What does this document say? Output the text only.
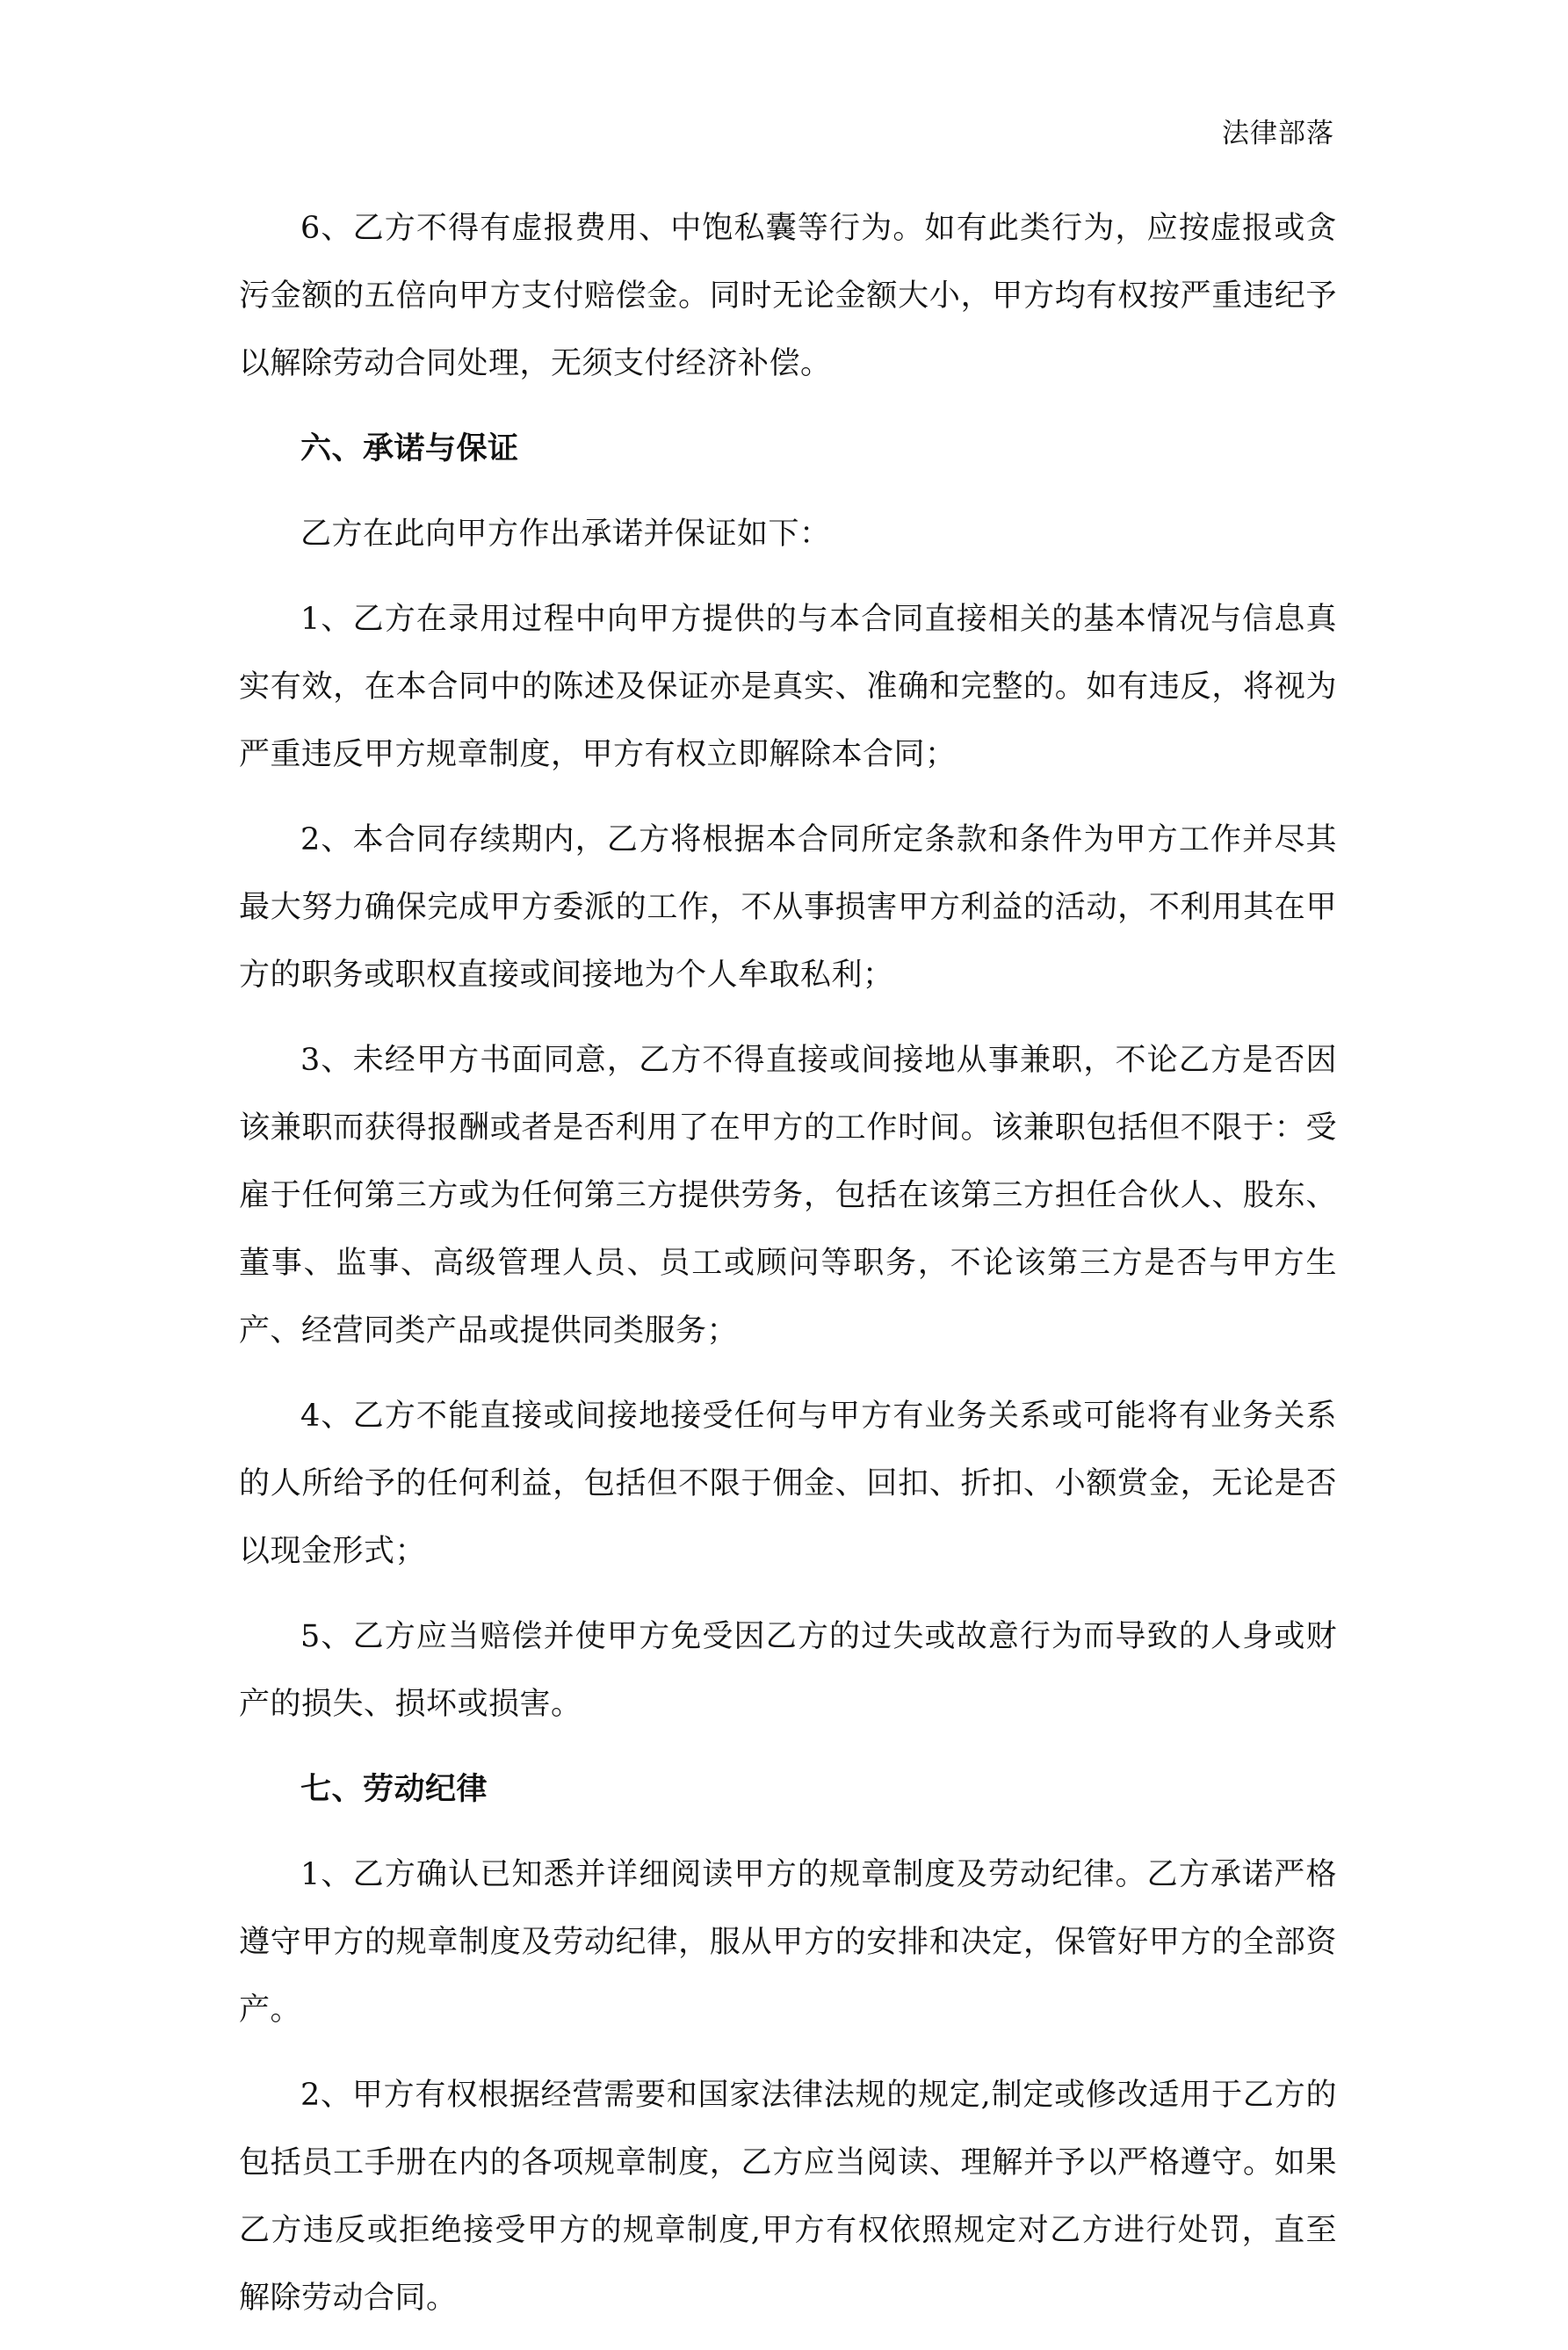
法律部落

6、乙方不得有虚报费用、中饱私囊等行为。如有此类行为，应按虚报或贪污金额的五倍向甲方支付赔偿金。同时无论金额大小，甲方均有权按严重违纪予以解除劳动合同处理，无须支付经济补偿。

六、承诺与保证

乙方在此向甲方作出承诺并保证如下：

1、乙方在录用过程中向甲方提供的与本合同直接相关的基本情况与信息真实有效，在本合同中的陈述及保证亦是真实、准确和完整的。如有违反，将视为严重违反甲方规章制度，甲方有权立即解除本合同；

2、本合同存续期内，乙方将根据本合同所定条款和条件为甲方工作并尽其最大努力确保完成甲方委派的工作，不从事损害甲方利益的活动，不利用其在甲方的职务或职权直接或间接地为个人牟取私利；

3、未经甲方书面同意，乙方不得直接或间接地从事兼职，不论乙方是否因该兼职而获得报酬或者是否利用了在甲方的工作时间。该兼职包括但不限于：受雇于任何第三方或为任何第三方提供劳务，包括在该第三方担任合伙人、股东、董事、监事、高级管理人员、员工或顾问等职务，不论该第三方是否与甲方生产、经营同类产品或提供同类服务；

4、乙方不能直接或间接地接受任何与甲方有业务关系或可能将有业务关系的人所给予的任何利益，包括但不限于佣金、回扣、折扣、小额赏金，无论是否以现金形式；

5、乙方应当赔偿并使甲方免受因乙方的过失或故意行为而导致的人身或财产的损失、损坏或损害。

七、劳动纪律

1、乙方确认已知悉并详细阅读甲方的规章制度及劳动纪律。乙方承诺严格遵守甲方的规章制度及劳动纪律，服从甲方的安排和决定，保管好甲方的全部资产。

2、甲方有权根据经营需要和国家法律法规的规定,制定或修改适用于乙方的包括员工手册在内的各项规章制度，乙方应当阅读、理解并予以严格遵守。如果乙方违反或拒绝接受甲方的规章制度,甲方有权依照规定对乙方进行处罚，直至解除劳动合同。
